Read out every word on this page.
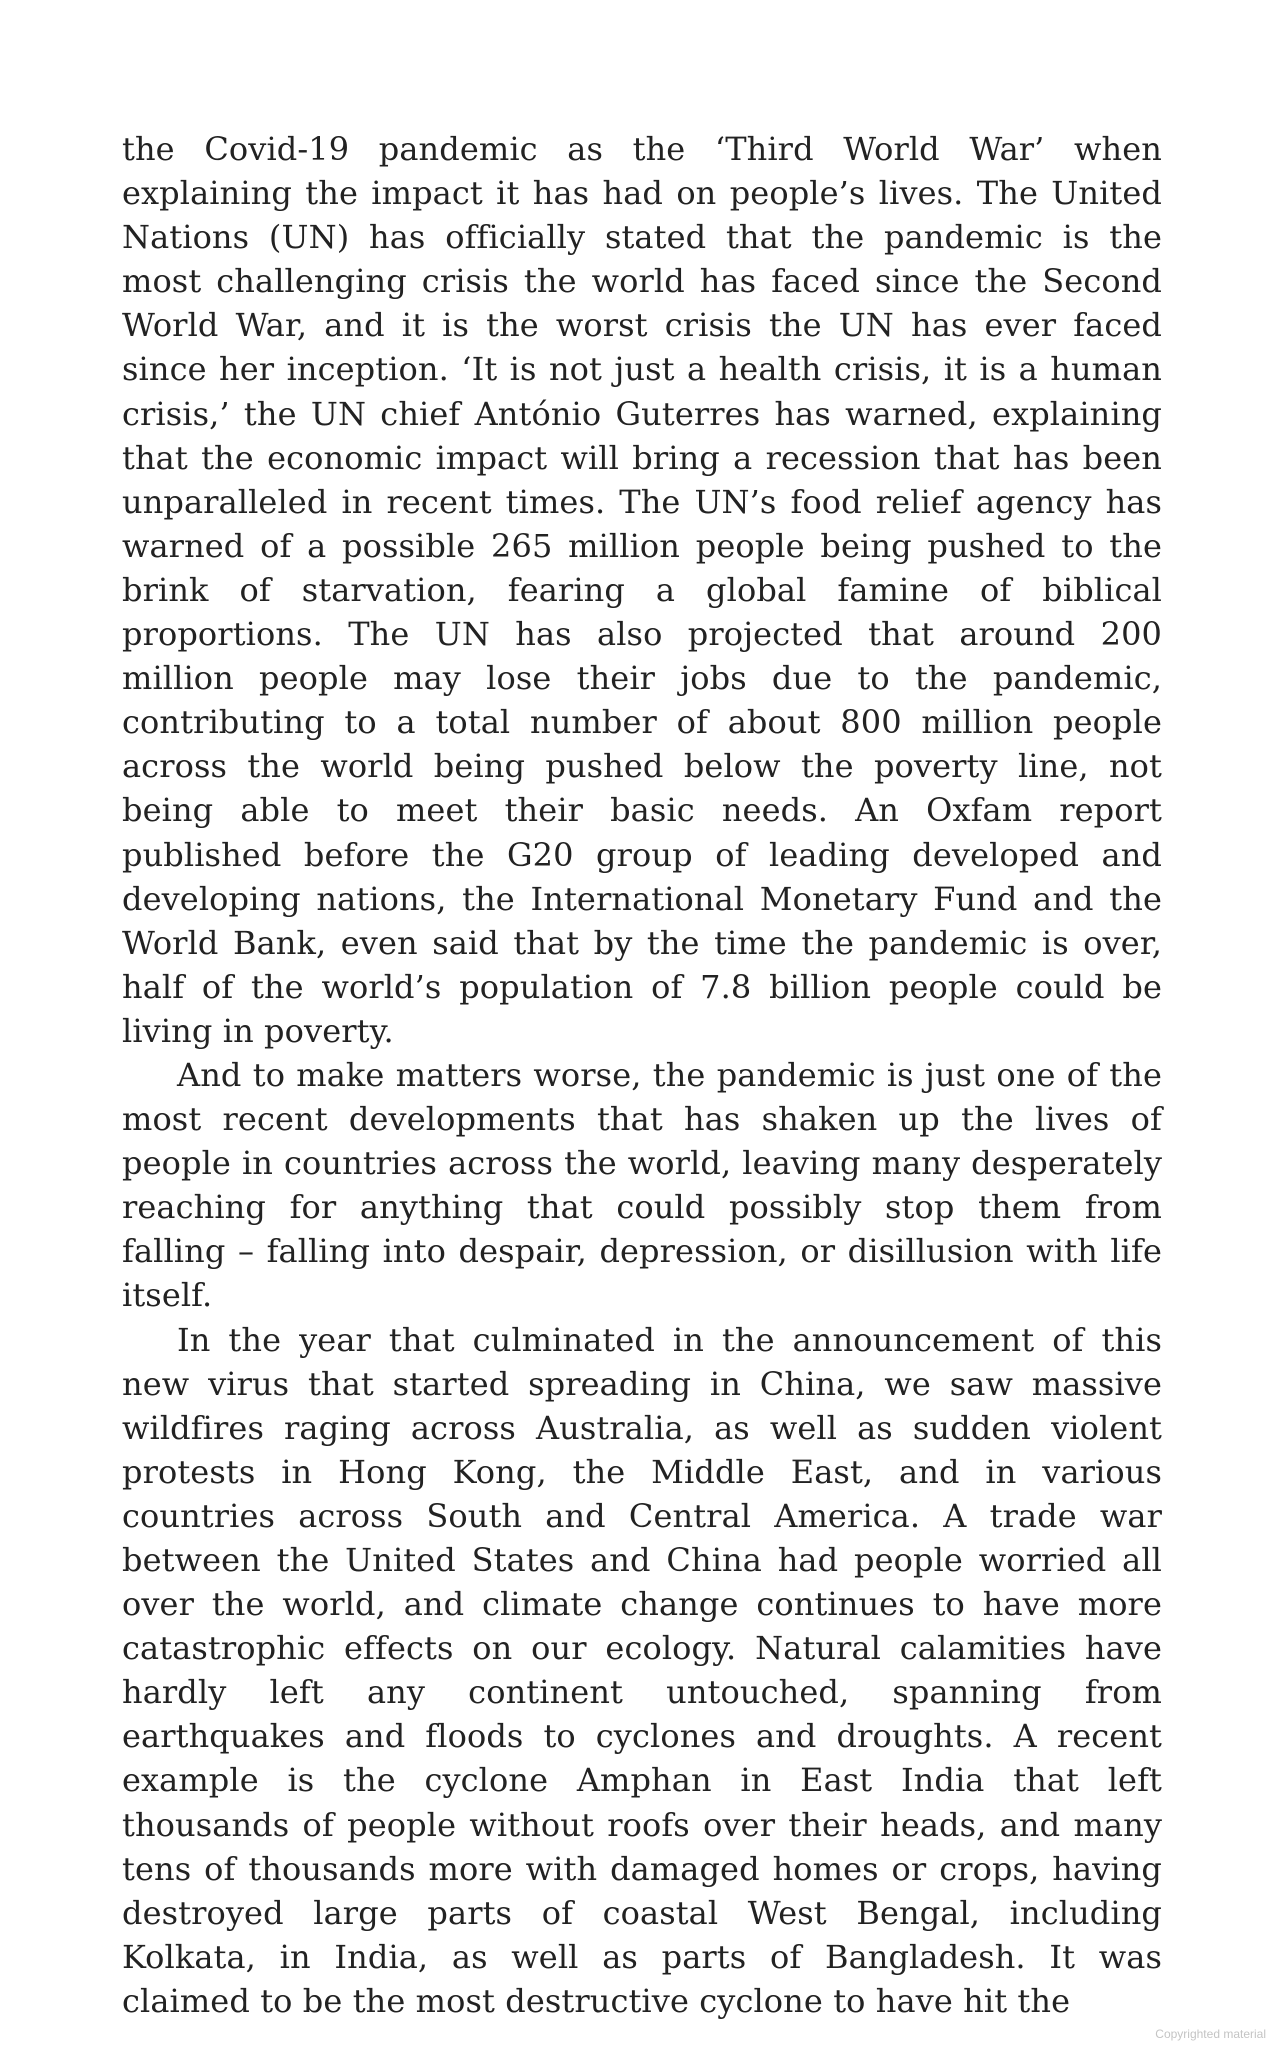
the Covid-19 pandemic as the ‘Third World War’ when explaining the impact it has had on people’s lives. The United Nations (UN) has officially stated that the pandemic is the most challenging crisis the world has faced since the Second World War, and it is the worst crisis the UN has ever faced since her inception. ‘It is not just a health crisis, it is a human crisis,’ the UN chief António Guterres has warned, explaining that the economic impact will bring a recession that has been unparalleled in recent times. The UN’s food relief agency has warned of a possible 265 million people being pushed to the brink of starvation, fearing a global famine of biblical proportions. The UN has also projected that around 200 million people may lose their jobs due to the pandemic, contributing to a total number of about 800 million people across the world being pushed below the poverty line, not being able to meet their basic needs. An Oxfam report published before the G20 group of leading developed and developing nations, the International Monetary Fund and the World Bank, even said that by the time the pandemic is over, half of the world’s population of 7.8 billion people could be living in poverty.

And to make matters worse, the pandemic is just one of the most recent developments that has shaken up the lives of people in countries across the world, leaving many desperately reaching for anything that could possibly stop them from falling – falling into despair, depression, or disillusion with life itself.

In the year that culminated in the announcement of this new virus that started spreading in China, we saw massive wildfires raging across Australia, as well as sudden violent protests in Hong Kong, the Middle East, and in various countries across South and Central America. A trade war between the United States and China had people worried all over the world, and climate change continues to have more catastrophic effects on our ecology. Natural calamities have hardly left any continent untouched, spanning from earthquakes and floods to cyclones and droughts. A recent example is the cyclone Amphan in East India that left thousands of people without roofs over their heads, and many tens of thousands more with damaged homes or crops, having destroyed large parts of coastal West Bengal, including Kolkata, in India, as well as parts of Bangladesh. It was claimed to be the most destructive cyclone to have hit the

Copyrighted material
